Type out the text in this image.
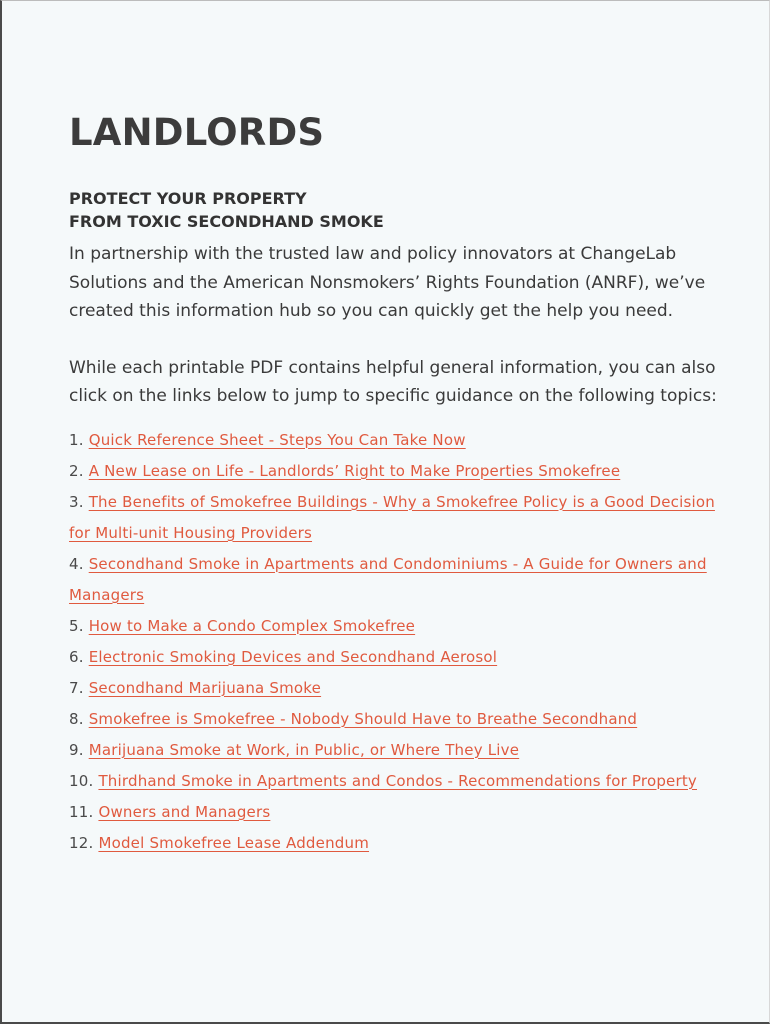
LANDLORDS
PROTECT YOUR PROPERTY
FROM TOXIC SECONDHAND SMOKE

In partnership with the trusted law and policy innovators at ChangeLab Solutions and the American Nonsmokers’ Rights Foundation (ANRF), we’ve created this information hub so you can quickly get the help you need.

While each printable PDF contains helpful general information, you can also click on the links below to jump to specific guidance on the following topics:

1. Quick Reference Sheet - Steps You Can Take Now
2. A New Lease on Life - Landlords’ Right to Make Properties Smokefree
3. The Benefits of Smokefree Buildings - Why a Smokefree Policy is a Good Decision for Multi-unit Housing Providers
4. Secondhand Smoke in Apartments and Condominiums - A Guide for Owners and Managers
5. How to Make a Condo Complex Smokefree
6. Electronic Smoking Devices and Secondhand Aerosol
7. Secondhand Marijuana Smoke
8. Smokefree is Smokefree - Nobody Should Have to Breathe Secondhand
9. Marijuana Smoke at Work, in Public, or Where They Live
10. Thirdhand Smoke in Apartments and Condos - Recommendations for Property
11. Owners and Managers
12. Model Smokefree Lease Addendum
